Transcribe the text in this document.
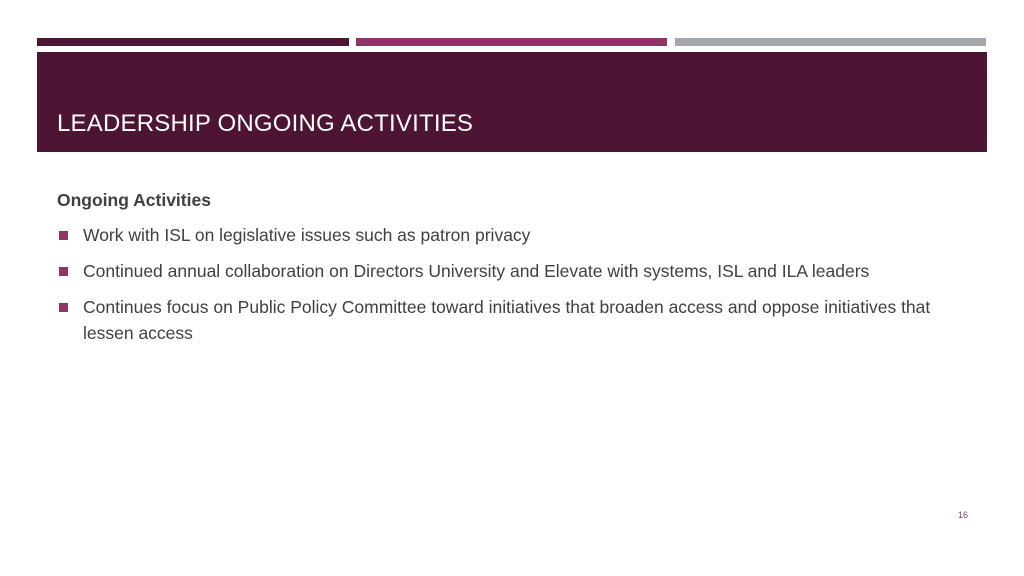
LEADERSHIP ONGOING ACTIVITIES
Ongoing Activities
Work with ISL on legislative issues such as patron privacy
Continued annual collaboration on Directors University and Elevate with systems, ISL and ILA leaders
Continues focus on Public Policy Committee toward initiatives that broaden access and oppose initiatives that lessen access
16
